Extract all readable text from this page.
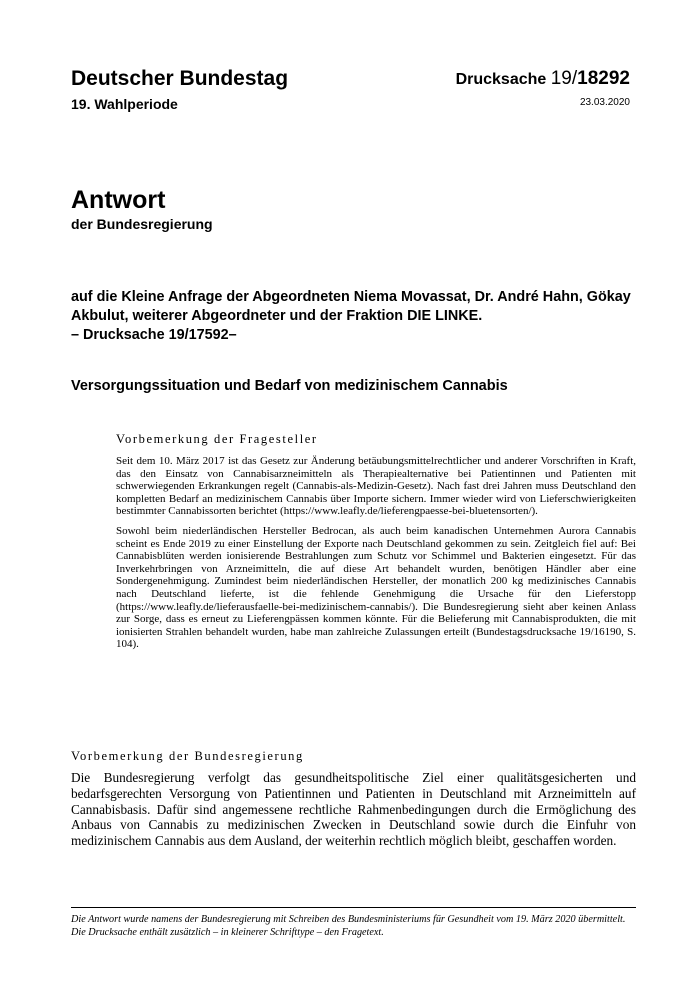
Deutscher Bundestag
19. Wahlperiode
Drucksache 19/18292
23.03.2020
Antwort
der Bundesregierung
auf die Kleine Anfrage der Abgeordneten Niema Movassat, Dr. André Hahn, Gökay Akbulut, weiterer Abgeordneter und der Fraktion DIE LINKE.
– Drucksache 19/17592–
Versorgungssituation und Bedarf von medizinischem Cannabis
Vorbemerkung der Fragesteller

Seit dem 10. März 2017 ist das Gesetz zur Änderung betäubungsmittelrechtlicher und anderer Vorschriften in Kraft, das den Einsatz von Cannabisarzneimitteln als Therapiealternative bei Patientinnen und Patienten mit schwerwiegenden Erkrankungen regelt (Cannabis-als-Medizin-Gesetz). Nach fast drei Jahren muss Deutschland den kompletten Bedarf an medizinischem Cannabis über Importe sichern. Immer wieder wird von Lieferschwierigkeiten bestimmter Cannabissorten berichtet (https://www.leafly.de/lieferengpaesse-bei-bluetensorten/).

Sowohl beim niederländischen Hersteller Bedrocan, als auch beim kanadischen Unternehmen Aurora Cannabis scheint es Ende 2019 zu einer Einstellung der Exporte nach Deutschland gekommen zu sein. Zeitgleich fiel auf: Bei Cannabisblüten werden ionisierende Bestrahlungen zum Schutz vor Schimmel und Bakterien eingesetzt. Für das Inverkehrbringen von Arzneimitteln, die auf diese Art behandelt wurden, benötigen Händler aber eine Sondergenehmigung. Zumindest beim niederländischen Hersteller, der monatlich 200 kg medizinisches Cannabis nach Deutschland lieferte, ist die fehlende Genehmigung die Ursache für den Lieferstopp (https://www.leafly.de/lieferausfaelle-bei-medizinischem-cannabis/). Die Bundesregierung sieht aber keinen Anlass zur Sorge, dass es erneut zu Lieferengpässen kommen könnte. Für die Belieferung mit Cannabisprodukten, die mit ionisierten Strahlen behandelt wurden, habe man zahlreiche Zulassungen erteilt (Bundestagsdrucksache 19/16190, S. 104).

Vorbemerkung der Bundesregierung

Die Bundesregierung verfolgt das gesundheitspolitische Ziel einer qualitätsgesicherten und bedarfsgerechten Versorgung von Patientinnen und Patienten in Deutschland mit Arzneimitteln auf Cannabisbasis. Dafür sind angemessene rechtliche Rahmenbedingungen durch die Ermöglichung des Anbaus von Cannabis zu medizinischen Zwecken in Deutschland sowie durch die Einfuhr von medizinischem Cannabis aus dem Ausland, der weiterhin rechtlich möglich bleibt, geschaffen worden.

Die Antwort wurde namens der Bundesregierung mit Schreiben des Bundesministeriums für Gesundheit vom 19. März 2020 übermittelt.

Die Drucksache enthält zusätzlich – in kleinerer Schrifttype – den Fragetext.
